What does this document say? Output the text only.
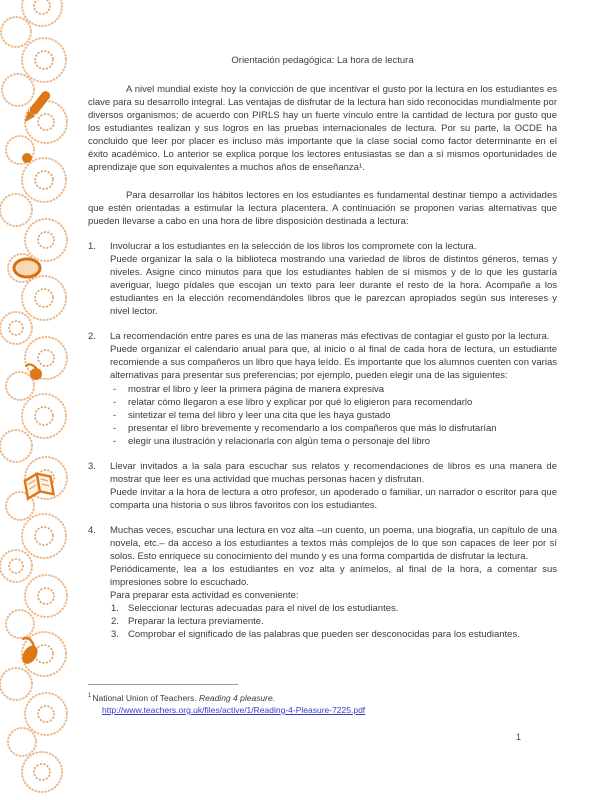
Orientación pedagógica: La hora de lectura

A nivel mundial existe hoy la convicción de que incentivar el gusto por la lectura en los estudiantes es clave para su desarrollo integral. Las ventajas de disfrutar de la lectura han sido reconocidas mundialmente por diversos organismos; de acuerdo con PIRLS hay un fuerte vínculo entre la cantidad de lectura por gusto que los estudiantes realizan y sus logros en las pruebas internacionales de lectura. Por su parte, la OCDE ha concluido que leer por placer es incluso más importante que la clase social como factor determinante en el éxito académico. Lo anterior se explica porque los lectores entusiastas se dan a sí mismos oportunidades de aprendizaje que son equivalentes a muchos años de enseñanza¹.

Para desarrollar los hábitos lectores en los estudiantes es fundamental destinar tiempo a actividades que estén orientadas a estimular la lectura placentera. A continuación se proponen varias alternativas que pueden llevarse a cabo en una hora de libre disposición destinada a lectura:

1.	Involucrar a los estudiantes en la selección de los libros los compromete con la lectura.
Puede organizar la sala o la biblioteca mostrando una variedad de libros de distintos géneros, temas y niveles. Asigne cinco minutos para que los estudiantes hablen de sí mismos y de lo que les gustaría averiguar, luego pídales que escojan un texto para leer durante el resto de la hora. Acompañe a los estudiantes en la elección recomendándoles libros que le parezcan apropiados según sus intereses y nivel lector.
2.	La recomendación entre pares es una de las maneras más efectivas de contagiar el gusto por la lectura.
Puede organizar el calendario anual para que, al inicio o al final de cada hora de lectura, un estudiante recomiende a sus compañeros un libro que haya leído. Es importante que los alumnos cuenten con varias alternativas para presentar sus preferencias; por ejemplo, pueden elegir una de las siguientes:
-	mostrar el libro y leer la primera página de manera expresiva
-	relatar cómo llegaron a ese libro y explicar por qué lo eligieron para recomendarlo
-	sintetizar el tema del libro y leer una cita que les haya gustado
-	presentar el libro brevemente y recomendarlo a los compañeros que más lo disfrutarían
-	elegir una ilustración y relacionarla con algún tema o personaje del libro
3.	Llevar invitados a la sala para escuchar sus relatos y recomendaciones de libros es una manera de mostrar que leer es una actividad que muchas personas hacen y disfrutan.
Puede invitar a la hora de lectura a otro profesor, un apoderado o familiar, un narrador o escritor para que comparta una historia o sus libros favoritos con los estudiantes.
4.	Muchas veces, escuchar una lectura en voz alta –un cuento, un poema, una biografía, un capítulo de una novela, etc.– da acceso a los estudiantes a textos más complejos de lo que son capaces de leer por sí solos. Esto enriquece su conocimiento del mundo y es una forma compartida de disfrutar la lectura.
Periódicamente, lea a los estudiantes en voz alta y anímelos, al final de la hora, a comentar sus impresiones sobre lo escuchado.
Para preparar esta actividad es conveniente:
1. Seleccionar lecturas adecuadas para el nivel de los estudiantes.
2. Preparar la lectura previamente.
3. Comprobar el significado de las palabras que pueden ser desconocidas para los estudiantes.
$^1$National Union of Teachers. Reading 4 pleasure.
http://www.teachers.org.uk/files/active/1/Reading-4-Pleasure-7225.pdf
1
